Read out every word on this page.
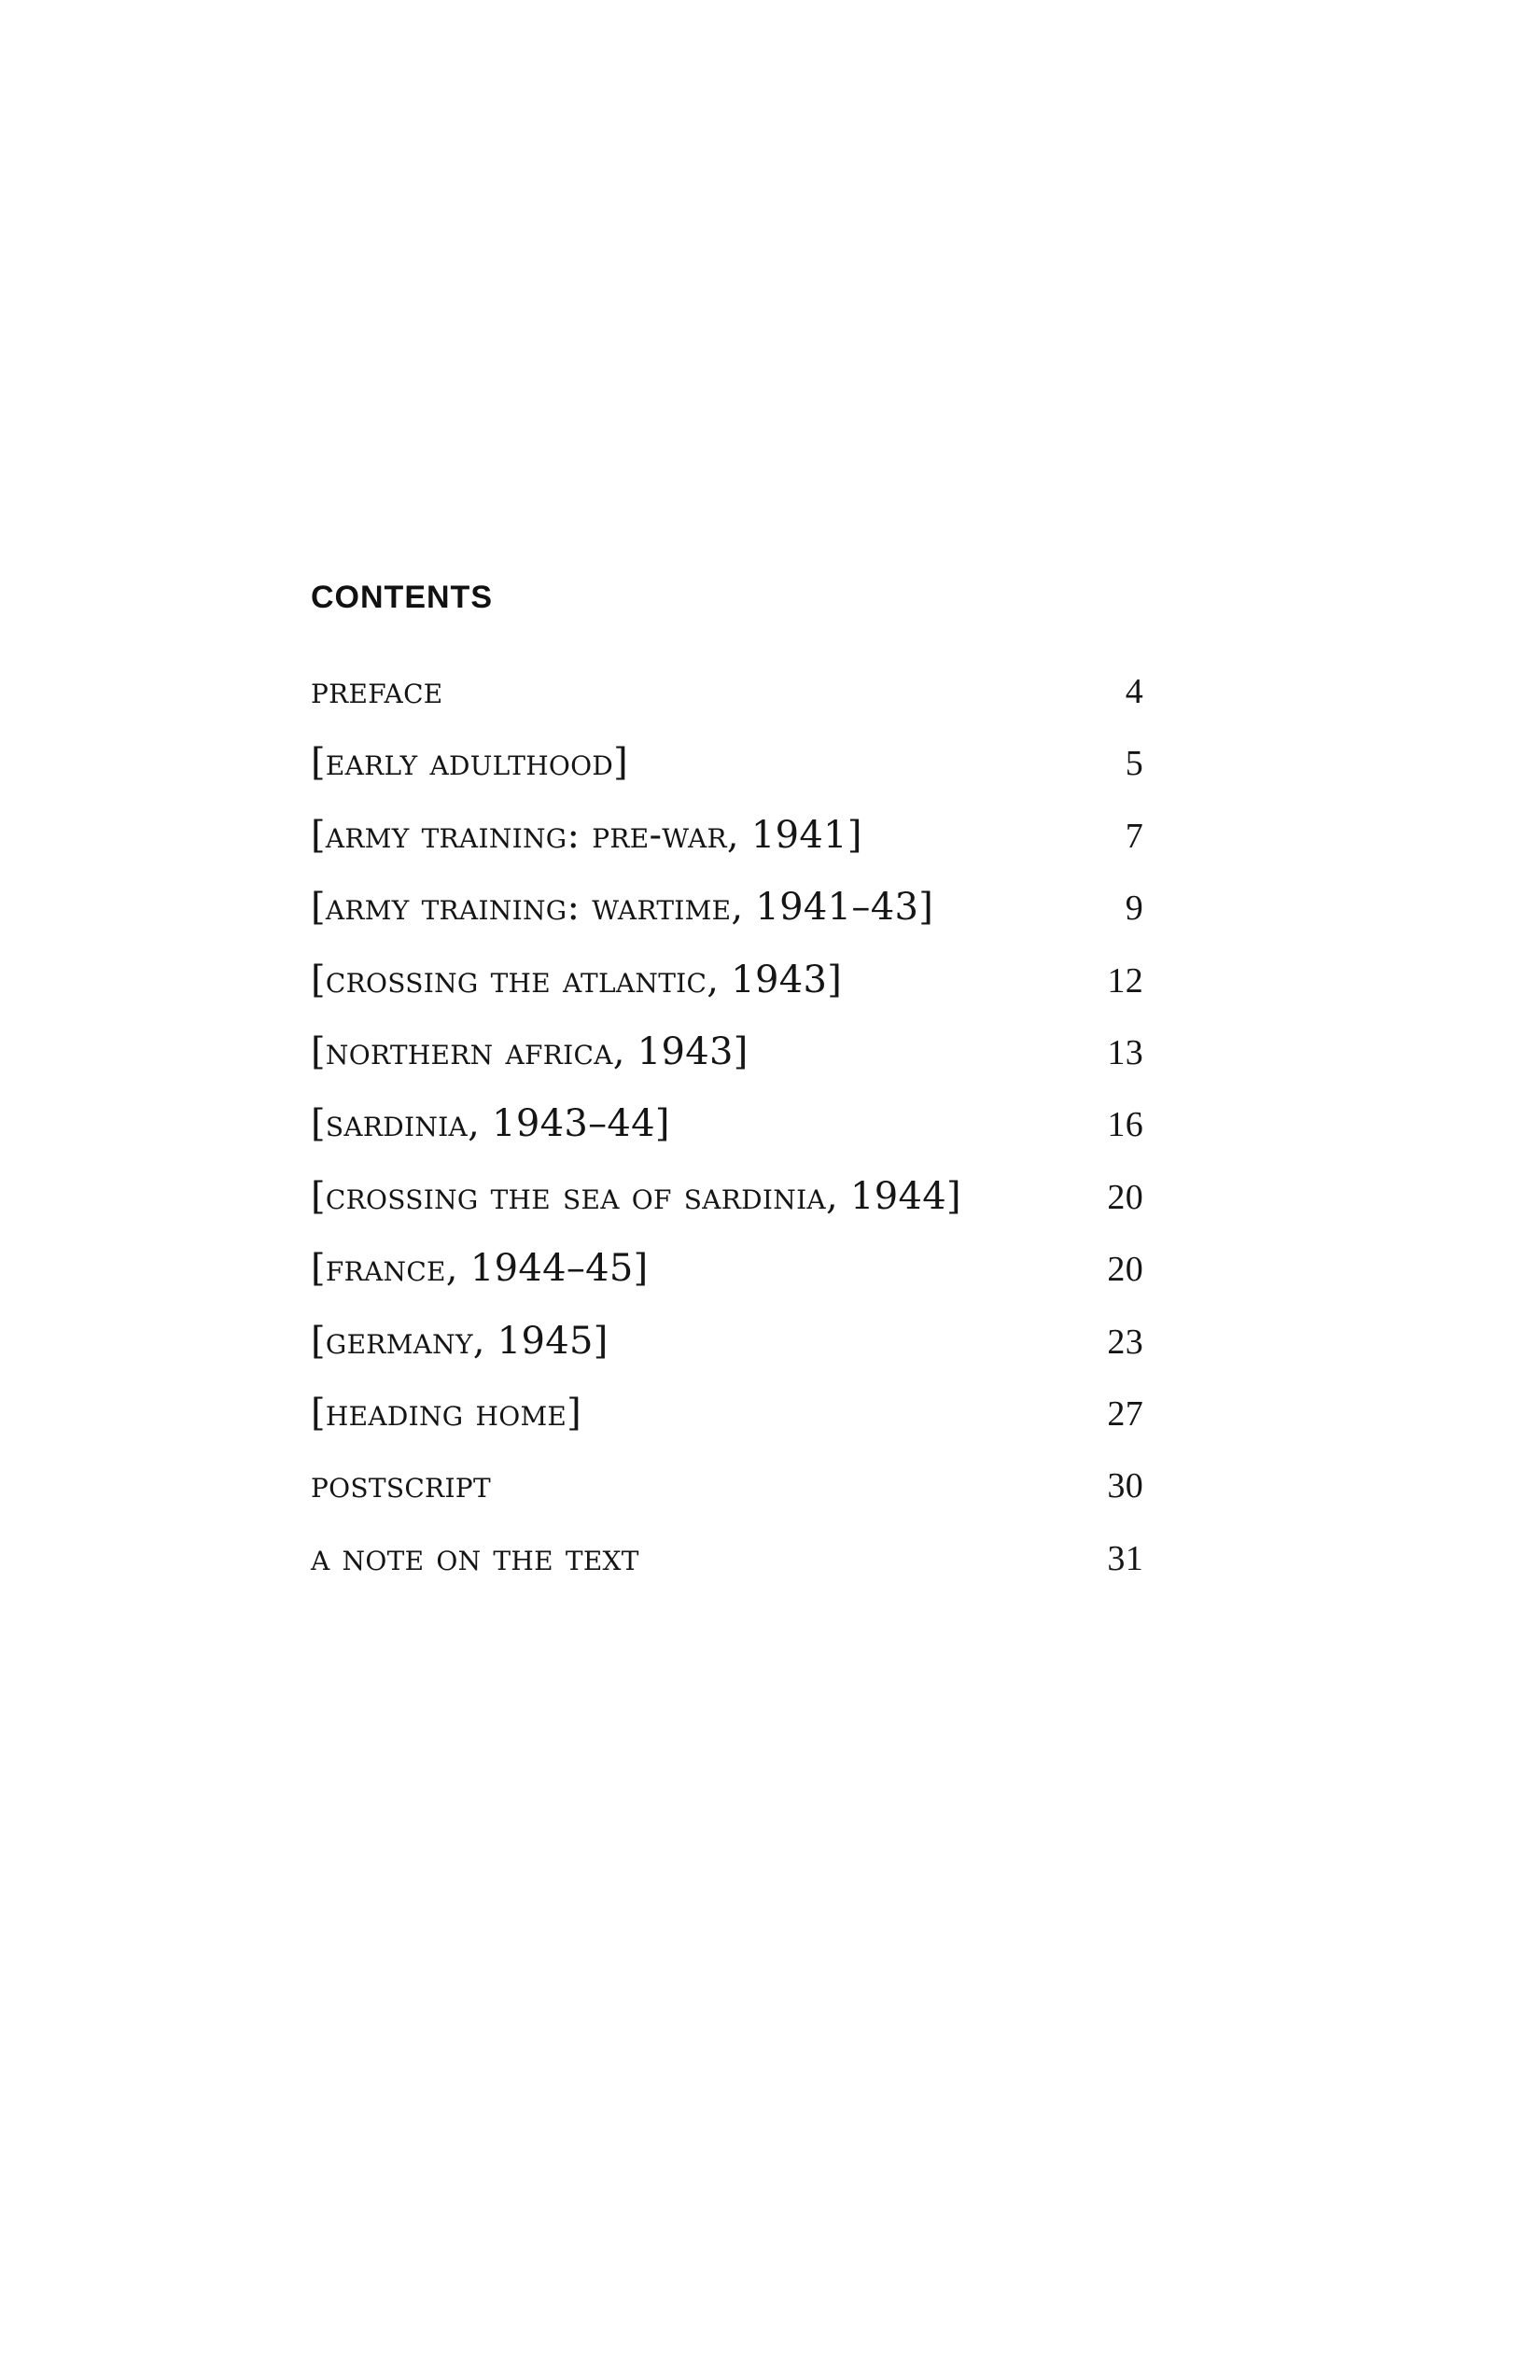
CONTENTS
preface	4
[early adulthood]	5
[army training: pre-war, 1941]	7
[army training: wartime, 1941–43]	9
[crossing the atlantic, 1943]	12
[northern africa, 1943]	13
[sardinia, 1943–44]	16
[crossing the sea of sardinia, 1944]	20
[france, 1944–45]	20
[germany, 1945]	23
[heading home]	27
postscript	30
a note on the text	31
